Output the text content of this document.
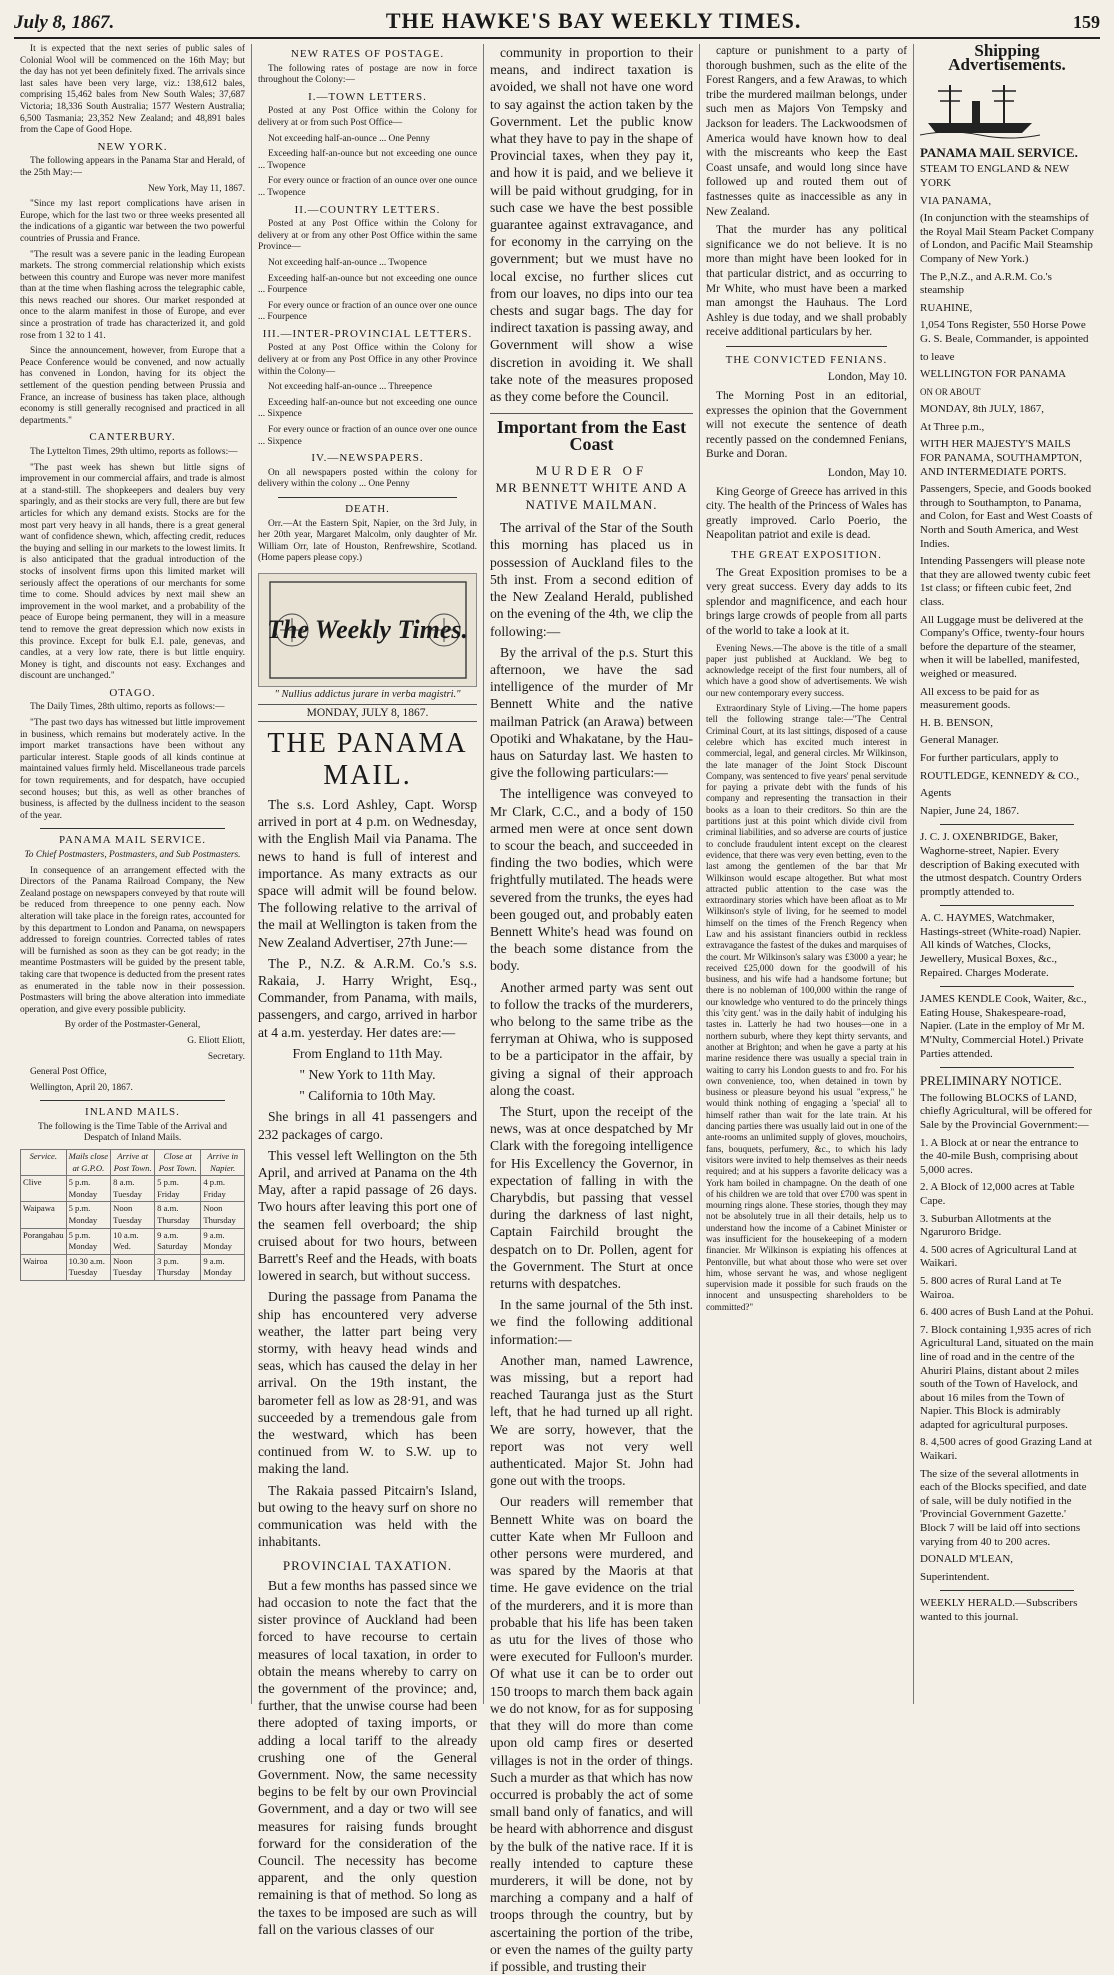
July 8, 1867.	THE HAWKE'S BAY WEEKLY TIMES.	159

It is expected that the next series of public sales of Colonial Wool will be commenced on the 16th May; but the day has not yet been definitely fixed. The arrivals since last sales have been very large, viz.: 138,612 bales, comprising 15,462 bales from New South Wales; 37,687 Victoria; 18,336 South Australia; 1577 Western Australia; 6,500 Tasmania; 23,352 New Zealand; and 48,891 bales from the Cape of Good Hope.

NEW YORK.

The following appears in the Panama Star and Herald, of the 25th May:—

New York, May 11, 1867.

"Since my last report complications have arisen in Europe, which for the last two or three weeks presented all the indications of a gigantic war between the two powerful countries of Prussia and France.

"The result was a severe panic in the leading European markets. The strong commercial relationship which exists between this country and Europe was never more manifest than at the time when flashing across the telegraphic cable, this news reached our shores. Our market responded at once to the alarm manifest in those of Europe, and ever since a prostration of trade has characterized it, and gold rose from 1 32 to 1 41.

Since the announcement, however, from Europe that a Peace Conference would be convened, and now actually has convened in London, having for its object the settlement of the question pending between Prussia and France, an increase of business has taken place, although economy is still generally recognised and practiced in all departments."

CANTERBURY.

The Lyttelton Times, 29th ultimo, reports as follows:—

"The past week has shewn but little signs of improvement in our commercial affairs, and trade is almost at a stand-still. The shopkeepers and dealers buy very sparingly, and as their stocks are very full, there are but few articles for which any demand exists. Stocks are for the most part very heavy in all hands, there is a great general want of confidence shewn, which, affecting credit, reduces the buying and selling in our markets to the lowest limits. It is also anticipated that the gradual introduction of the stocks of insolvent firms upon this limited market will seriously affect the operations of our merchants for some time to come. Should advices by next mail shew an improvement in the wool market, and a probability of the peace of Europe being permanent, they will in a measure tend to remove the great depression which now exists in this province. Except for bulk E.I. pale, genevas, and candles, at a very low rate, there is but little enquiry. Money is tight, and discounts not easy. Exchanges and discount are unchanged."

OTAGO.

The Daily Times, 28th ultimo, reports as follows:—

"The past two days has witnessed but little improvement in business, which remains but moderately active. In the import market transactions have been without any particular interest. Staple goods of all kinds continue at maintained values firmly held. Miscellaneous trade parcels for town requirements, and for despatch, have occupied second houses; but this, as well as other branches of business, is affected by the dullness incident to the season of the year.

PANAMA MAIL SERVICE.

To Chief Postmasters, Postmasters, and Sub Postmasters.

In consequence of an arrangement effected with the Directors of the Panama Railroad Company, the New Zealand postage on newspapers conveyed by that route will be reduced from threepence to one penny each. Now alteration will take place in the foreign rates, accounted for by this department to London and Panama, on newspapers addressed to foreign countries. Corrected tables of rates will be furnished as soon as they can be got ready; in the meantime Postmasters will be guided by the present table, taking care that twopence is deducted from the present rates as enumerated in the table now in their possession. Postmasters will bring the above alteration into immediate operation, and give every possible publicity.

By order of the Postmaster-General,

G. Eliott Eliott,

Secretary.

General Post Office,

Wellington, April 20, 1867.

INLAND MAILS.

The following is the Time Table of the Arrival and Despatch of Inland Mails.

Service.	Mails close at G.P.O.	Arrive at Post Town.	Close at Post Town.	Arrive in Napier.
Clive	5 p.m. Monday	8 a.m. Tuesday	5 p.m. Friday	4 p.m. Friday
Waipawa	5 p.m. Monday	Noon Tuesday	8 a.m. Thursday	Noon Thursday
Porangahau	5 p.m. Monday	10 a.m. Wed.	9 a.m. Saturday	9 a.m. Monday
Wairoa	10.30 a.m. Tuesday	Noon Tuesday	3 p.m. Thursday	9 a.m. Monday
NEW RATES OF POSTAGE.

The following rates of postage are now in force throughout the Colony:—

I.—TOWN LETTERS.

Posted at any Post Office within the Colony for delivery at or from such Post Office—

Not exceeding half-an-ounce ... One Penny

Exceeding half-an-ounce but not exceeding one ounce ... Twopence

For every ounce or fraction of an ounce over one ounce ... Twopence

II.—COUNTRY LETTERS.

Posted at any Post Office within the Colony for delivery at or from any other Post Office within the same Province—

Not exceeding half-an-ounce ... Twopence

Exceeding half-an-ounce but not exceeding one ounce ... Fourpence

For every ounce or fraction of an ounce over one ounce ... Fourpence

III.—INTER-PROVINCIAL LETTERS.

Posted at any Post Office within the Colony for delivery at or from any Post Office in any other Province within the Colony—

Not exceeding half-an-ounce ... Threepence

Exceeding half-an-ounce but not exceeding one ounce ... Sixpence

For every ounce or fraction of an ounce over one ounce ... Sixpence

IV.—NEWSPAPERS.

On all newspapers posted within the colony for delivery within the colony ... One Penny

DEATH.

Orr.—At the Eastern Spit, Napier, on the 3rd July, in her 20th year, Margaret Malcolm, only daughter of Mr. William Orr, late of Houston, Renfrewshire, Scotland. (Home papers please copy.)

The Weekly Times.
" Nullius addictus jurare in verba magistri."
MONDAY, JULY 8, 1867.
THE PANAMA MAIL.

The s.s. Lord Ashley, Capt. Worsp arrived in port at 4 p.m. on Wednesday, with the English Mail via Panama. The news to hand is full of interest and importance. As many extracts as our space will admit will be found below. The following relative to the arrival of the mail at Wellington is taken from the New Zealand Advertiser, 27th June:—

The P., N.Z. & A.R.M. Co.'s s.s. Rakaia, J. Harry Wright, Esq., Commander, from Panama, with mails, passengers, and cargo, arrived in harbor at 4 a.m. yesterday. Her dates are:—

From England to 11th May.

" New York to 11th May.

" California to 10th May.

She brings in all 41 passengers and 232 packages of cargo.

This vessel left Wellington on the 5th April, and arrived at Panama on the 4th May, after a rapid passage of 26 days. Two hours after leaving this port one of the seamen fell overboard; the ship cruised about for two hours, between Barrett's Reef and the Heads, with boats lowered in search, but without success.

During the passage from Panama the ship has encountered very adverse weather, the latter part being very stormy, with heavy head winds and seas, which has caused the delay in her arrival. On the 19th instant, the barometer fell as low as 28·91, and was succeeded by a tremendous gale from the westward, which has been continued from W. to S.W. up to making the land.

The Rakaia passed Pitcairn's Island, but owing to the heavy surf on shore no communication was held with the inhabitants.

PROVINCIAL TAXATION.

But a few months has passed since we had occasion to note the fact that the sister province of Auckland had been forced to have recourse to certain measures of local taxation, in order to obtain the means whereby to carry on the government of the province; and, further, that the unwise course had been there adopted of taxing imports, or adding a local tariff to the already crushing one of the General Government. Now, the same necessity begins to be felt by our own Provincial Government, and a day or two will see measures for raising funds brought forward for the consideration of the Council. The necessity has become apparent, and the only question remaining is that of method. So long as the taxes to be imposed are such as will fall on the various classes of our

community in proportion to their means, and indirect taxation is avoided, we shall not have one word to say against the action taken by the Government. Let the public know what they have to pay in the shape of Provincial taxes, when they pay it, and how it is paid, and we believe it will be paid without grudging, for in such case we have the best possible guarantee against extravagance, and for economy in the carrying on the government; but we must have no local excise, no further slices cut from our loaves, no dips into our tea chests and sugar bags. The day for indirect taxation is passing away, and Government will show a wise discretion in avoiding it. We shall take note of the measures proposed as they come before the Council.

Important from the East Coast
MURDER OF
MR BENNETT WHITE AND A NATIVE MAILMAN.

The arrival of the Star of the South this morning has placed us in possession of Auckland files to the 5th inst. From a second edition of the New Zealand Herald, published on the evening of the 4th, we clip the following:—

By the arrival of the p.s. Sturt this afternoon, we have the sad intelligence of the murder of Mr Bennett White and the native mailman Patrick (an Arawa) between Opotiki and Whakatane, by the Hau-haus on Saturday last. We hasten to give the following particulars:—

The intelligence was conveyed to Mr Clark, C.C., and a body of 150 armed men were at once sent down to scour the beach, and succeeded in finding the two bodies, which were frightfully mutilated. The heads were severed from the trunks, the eyes had been gouged out, and probably eaten Bennett White's head was found on the beach some distance from the body.

Another armed party was sent out to follow the tracks of the murderers, who belong to the same tribe as the ferryman at Ohiwa, who is supposed to be a participator in the affair, by giving a signal of their approach along the coast.

The Sturt, upon the receipt of the news, was at once despatched by Mr Clark with the foregoing intelligence for His Excellency the Governor, in expectation of falling in with the Charybdis, but passing that vessel during the darkness of last night, Captain Fairchild brought the despatch on to Dr. Pollen, agent for the Government. The Sturt at once returns with despatches.

In the same journal of the 5th inst. we find the following additional information:—

Another man, named Lawrence, was missing, but a report had reached Tauranga just as the Sturt left, that he had turned up all right. We are sorry, however, that the report was not very well authenticated. Major St. John had gone out with the troops.

Our readers will remember that Bennett White was on board the cutter Kate when Mr Fulloon and other persons were murdered, and was spared by the Maoris at that time. He gave evidence on the trial of the murderers, and it is more than probable that his life has been taken as utu for the lives of those who were executed for Fulloon's murder. Of what use it can be to order out 150 troops to march them back again we do not know, for as for supposing that they will do more than come upon old camp fires or deserted villages is not in the order of things. Such a murder as that which has now occurred is probably the act of some small band only of fanatics, and will be heard with abhorrence and disgust by the bulk of the native race. If it is really intended to capture these murderers, it will be done, not by marching a company and a half of troops through the country, but by ascertaining the portion of the tribe, or even the names of the guilty party if possible, and trusting their

capture or punishment to a party of thorough bushmen, such as the elite of the Forest Rangers, and a few Arawas, to which tribe the murdered mailman belongs, under such men as Majors Von Tempsky and Jackson for leaders. The Lackwoodsmen of America would have known how to deal with the miscreants who keep the East Coast unsafe, and would long since have followed up and routed them out of fastnesses quite as inaccessible as any in New Zealand.

That the murder has any political significance we do not believe. It is no more than might have been looked for in that particular district, and as occurring to Mr White, who must have been a marked man amongst the Hauhaus. The Lord Ashley is due today, and we shall probably receive additional particulars by her.

THE CONVICTED FENIANS.

London, May 10.

The Morning Post in an editorial, expresses the opinion that the Government will not execute the sentence of death recently passed on the condemned Fenians, Burke and Doran.

London, May 10.

King George of Greece has arrived in this city. The health of the Princess of Wales has greatly improved. Carlo Poerio, the Neapolitan patriot and exile is dead.

THE GREAT EXPOSITION.

The Great Exposition promises to be a very great success. Every day adds to its splendor and magnificence, and each hour brings large crowds of people from all parts of the world to take a look at it.

Evening News.—The above is the title of a small paper just published at Auckland. We beg to acknowledge receipt of the first four numbers, all of which have a good show of advertisements. We wish our new contemporary every success.

Extraordinary Style of Living.—The home papers tell the following strange tale:—"The Central Criminal Court, at its last sittings, disposed of a cause celebre which has excited much interest in commercial, legal, and general circles. Mr Wilkinson, the late manager of the Joint Stock Discount Company, was sentenced to five years' penal servitude for paying a private debt with the funds of his company and representing the transaction in their books as a loan to their creditors. So thin are the partitions just at this point which divide civil from criminal liabilities, and so adverse are courts of justice to conclude fraudulent intent except on the clearest evidence, that there was very even betting, even to the last among the gentlemen of the bar that Mr Wilkinson would escape altogether. But what most attracted public attention to the case was the extraordinary stories which have been afloat as to Mr Wilkinson's style of living, for he seemed to model himself on the times of the French Regency when Law and his assistant financiers outbid in reckless extravagance the fastest of the dukes and marquises of the court. Mr Wilkinson's salary was £3000 a year; he received £25,000 down for the goodwill of his business, and his wife had a handsome fortune; but there is no nobleman of 100,000 within the range of our knowledge who ventured to do the princely things this 'city gent.' was in the daily habit of indulging his tastes in. Latterly he had two houses—one in a northern suburb, where they kept thirty servants, and another at Brighton; and when he gave a party at his marine residence there was usually a special train in waiting to carry his London guests to and fro. For his own convenience, too, when detained in town by business or pleasure beyond his usual "express," he would think nothing of engaging a 'special' all to himself rather than wait for the late train. At his dancing parties there was usually laid out in one of the ante-rooms an unlimited supply of gloves, mouchoirs, fans, bouquets, perfumery, &c., to which his lady visitors were invited to help themselves as their needs required; and at his suppers a favorite delicacy was a York ham boiled in champagne. On the death of one of his children we are told that over £700 was spent in mourning rings alone. These stories, though they may not be absolutely true in all their details, help us to understand how the income of a Cabinet Minister or was insufficient for the housekeeping of a modern financier. Mr Wilkinson is expiating his offences at Pentonville, but what about those who were set over him, whose servant he was, and whose negligent supervision made it possible for such frauds on the innocent and unsuspecting shareholders to be committed?"

Shipping Advertisements.

PANAMA MAIL SERVICE.

STEAM TO ENGLAND & NEW YORK

VIA PANAMA,

(In conjunction with the steamships of the Royal Mail Steam Packet Company of London, and Pacific Mail Steamship Company of New York.)

The P.,N.Z., and A.R.M. Co.'s steamship

RUAHINE,

1,054 Tons Register, 550 Horse Powe G. S. Beale, Commander, is appointed

to leave

WELLINGTON FOR PANAMA

ON OR ABOUT

MONDAY, 8th JULY, 1867,

At Three p.m.,

WITH HER MAJESTY'S MAILS FOR PANAMA, SOUTHAMPTON, AND INTERMEDIATE PORTS.

Passengers, Specie, and Goods booked through to Southampton, to Panama, and Colon, for East and West Coasts of North and South America, and West Indies.

Intending Passengers will please note that they are allowed twenty cubic feet 1st class; or fifteen cubic feet, 2nd class.

All Luggage must be delivered at the Company's Office, twenty-four hours before the departure of the steamer, when it will be labelled, manifested, weighed or measured.

All excess to be paid for as measurement goods.

H. B. BENSON,

General Manager.

For further particulars, apply to

ROUTLEDGE, KENNEDY & CO.,

Agents

Napier, June 24, 1867.

J. C. J. OXENBRIDGE, Baker, Waghorne-street, Napier. Every description of Baking executed with the utmost despatch. Country Orders promptly attended to.

A. C. HAYMES, Watchmaker, Hastings-street (White-road) Napier. All kinds of Watches, Clocks, Jewellery, Musical Boxes, &c., Repaired. Charges Moderate.

JAMES KENDLE Cook, Waiter, &c., Eating House, Shakespeare-road, Napier. (Late in the employ of Mr M. M'Nulty, Commercial Hotel.) Private Parties attended.

PRELIMINARY NOTICE.

The following BLOCKS of LAND, chiefly Agricultural, will be offered for Sale by the Provincial Government:—

1. A Block at or near the entrance to the 40-mile Bush, comprising about 5,000 acres.

2. A Block of 12,000 acres at Table Cape.

3. Suburban Allotments at the Ngaruroro Bridge.

4. 500 acres of Agricultural Land at Waikari.

5. 800 acres of Rural Land at Te Wairoa.

6. 400 acres of Bush Land at the Pohui.

7. Block containing 1,935 acres of rich Agricultural Land, situated on the main line of road and in the centre of the Ahuriri Plains, distant about 2 miles south of the Town of Havelock, and about 16 miles from the Town of Napier. This Block is admirably adapted for agricultural purposes.

8. 4,500 acres of good Grazing Land at Waikari.

The size of the several allotments in each of the Blocks specified, and date of sale, will be duly notified in the 'Provincial Government Gazette.' Block 7 will be laid off into sections varying from 40 to 200 acres.

DONALD M'LEAN,

Superintendent.

WEEKLY HERALD.—Subscribers wanted to this journal.
